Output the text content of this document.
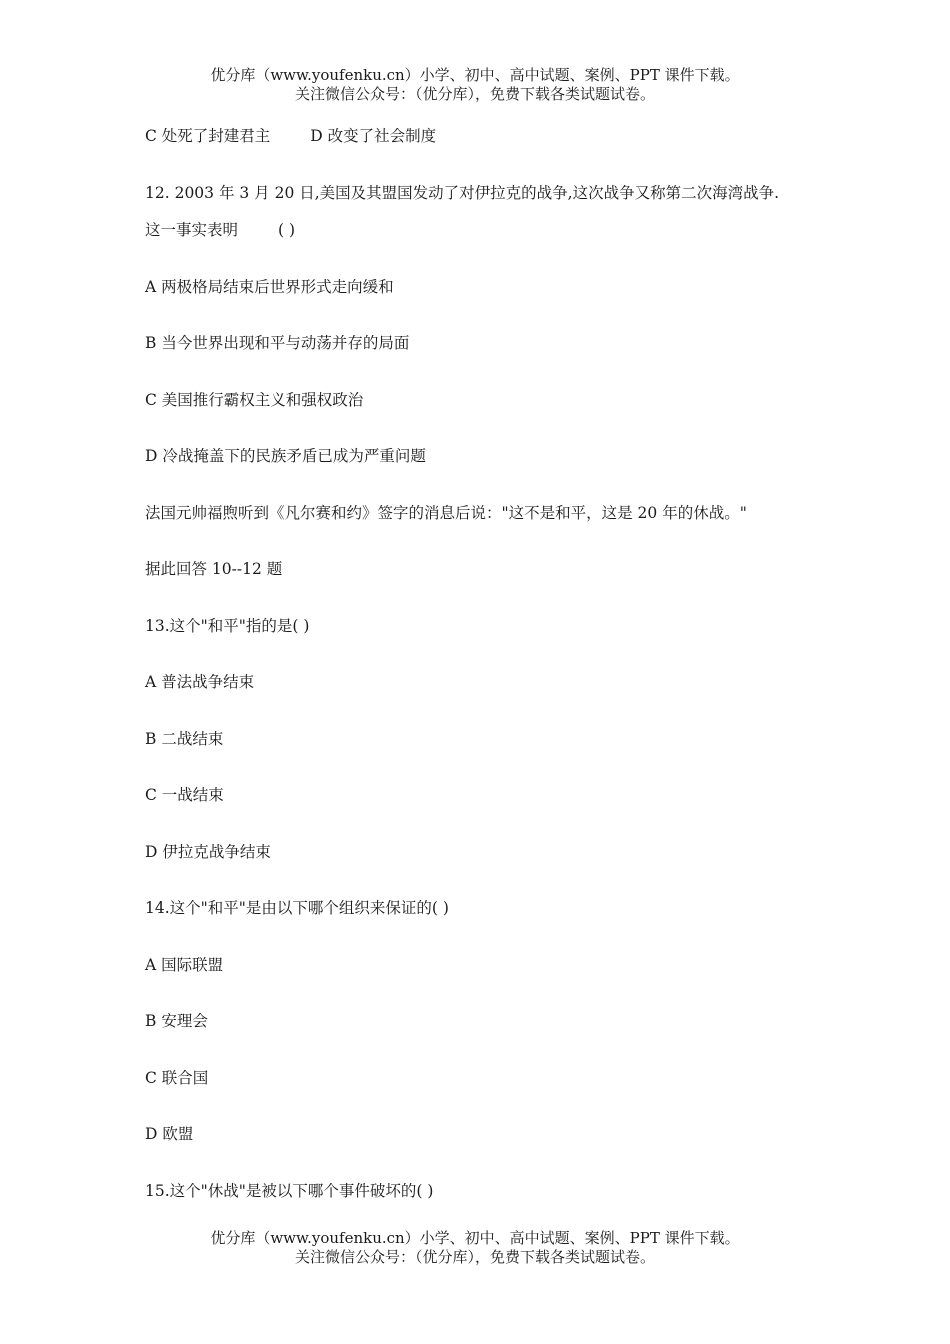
优分库（www.youfenku.cn）小学、初中、高中试题、案例、PPT 课件下载。
关注微信公众号：（优分库），免费下载各类试题试卷。
C 处死了封建君主	D 改变了社会制度
12. 2003 年 3 月 20 日,美国及其盟国发动了对伊拉克的战争,这次战争又称第二次海湾战争.
这一事实表明	( )
A 两极格局结束后世界形式走向缓和
B 当今世界出现和平与动荡并存的局面
C 美国推行霸权主义和强权政治
D 冷战掩盖下的民族矛盾已成为严重问题
法国元帅福煦听到《凡尔赛和约》签字的消息后说："这不是和平，这是 20 年的休战。"
据此回答 10--12 题
13.这个"和平"指的是( )
A 普法战争结束
B 二战结束
C 一战结束
D 伊拉克战争结束
14.这个"和平"是由以下哪个组织来保证的( )
A 国际联盟
B 安理会
C 联合国
D 欧盟
15.这个"休战"是被以下哪个事件破坏的( )
优分库（www.youfenku.cn）小学、初中、高中试题、案例、PPT 课件下载。
关注微信公众号：（优分库），免费下载各类试题试卷。
